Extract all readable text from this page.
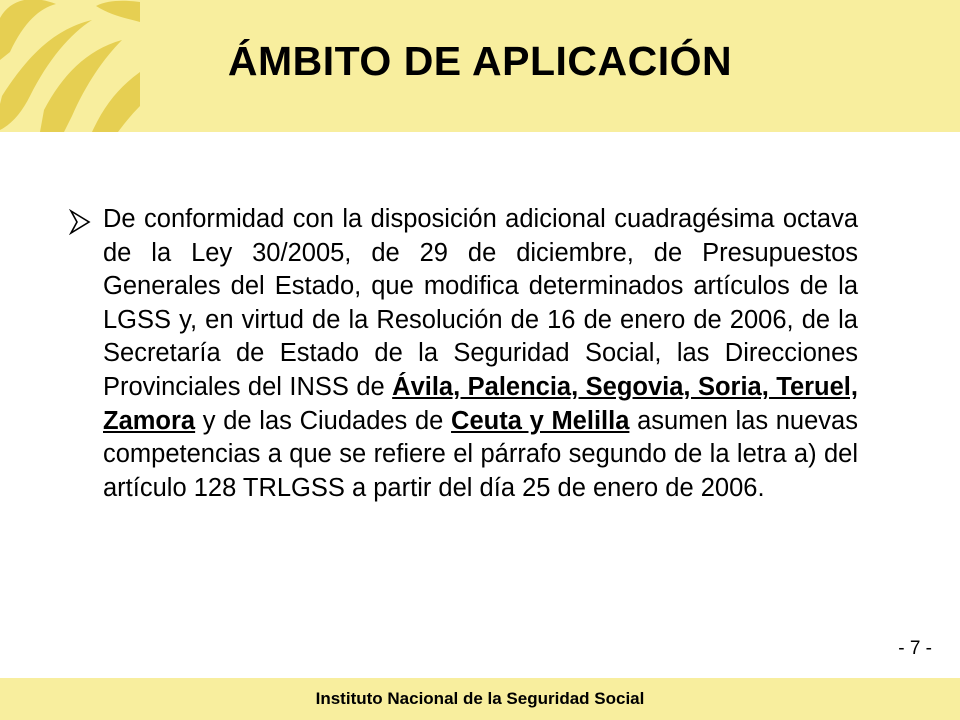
ÁMBITO DE APLICACIÓN

De conformidad con la disposición adicional cuadragésima octava de la Ley 30/2005, de 29 de diciembre, de Presupuestos Generales del Estado, que modifica determinados artículos de la LGSS y, en virtud de la Resolución de 16 de enero de 2006, de la Secretaría de Estado de la Seguridad Social, las Direcciones Provinciales del INSS de Ávila, Palencia, Segovia, Soria, Teruel, Zamora y de las Ciudades de Ceuta y Melilla asumen las nuevas competencias a que se refiere el párrafo segundo de la letra a) del artículo 128 TRLGSS a partir del día 25 de enero de 2006.

- 7 -
Instituto Nacional de la Seguridad Social
